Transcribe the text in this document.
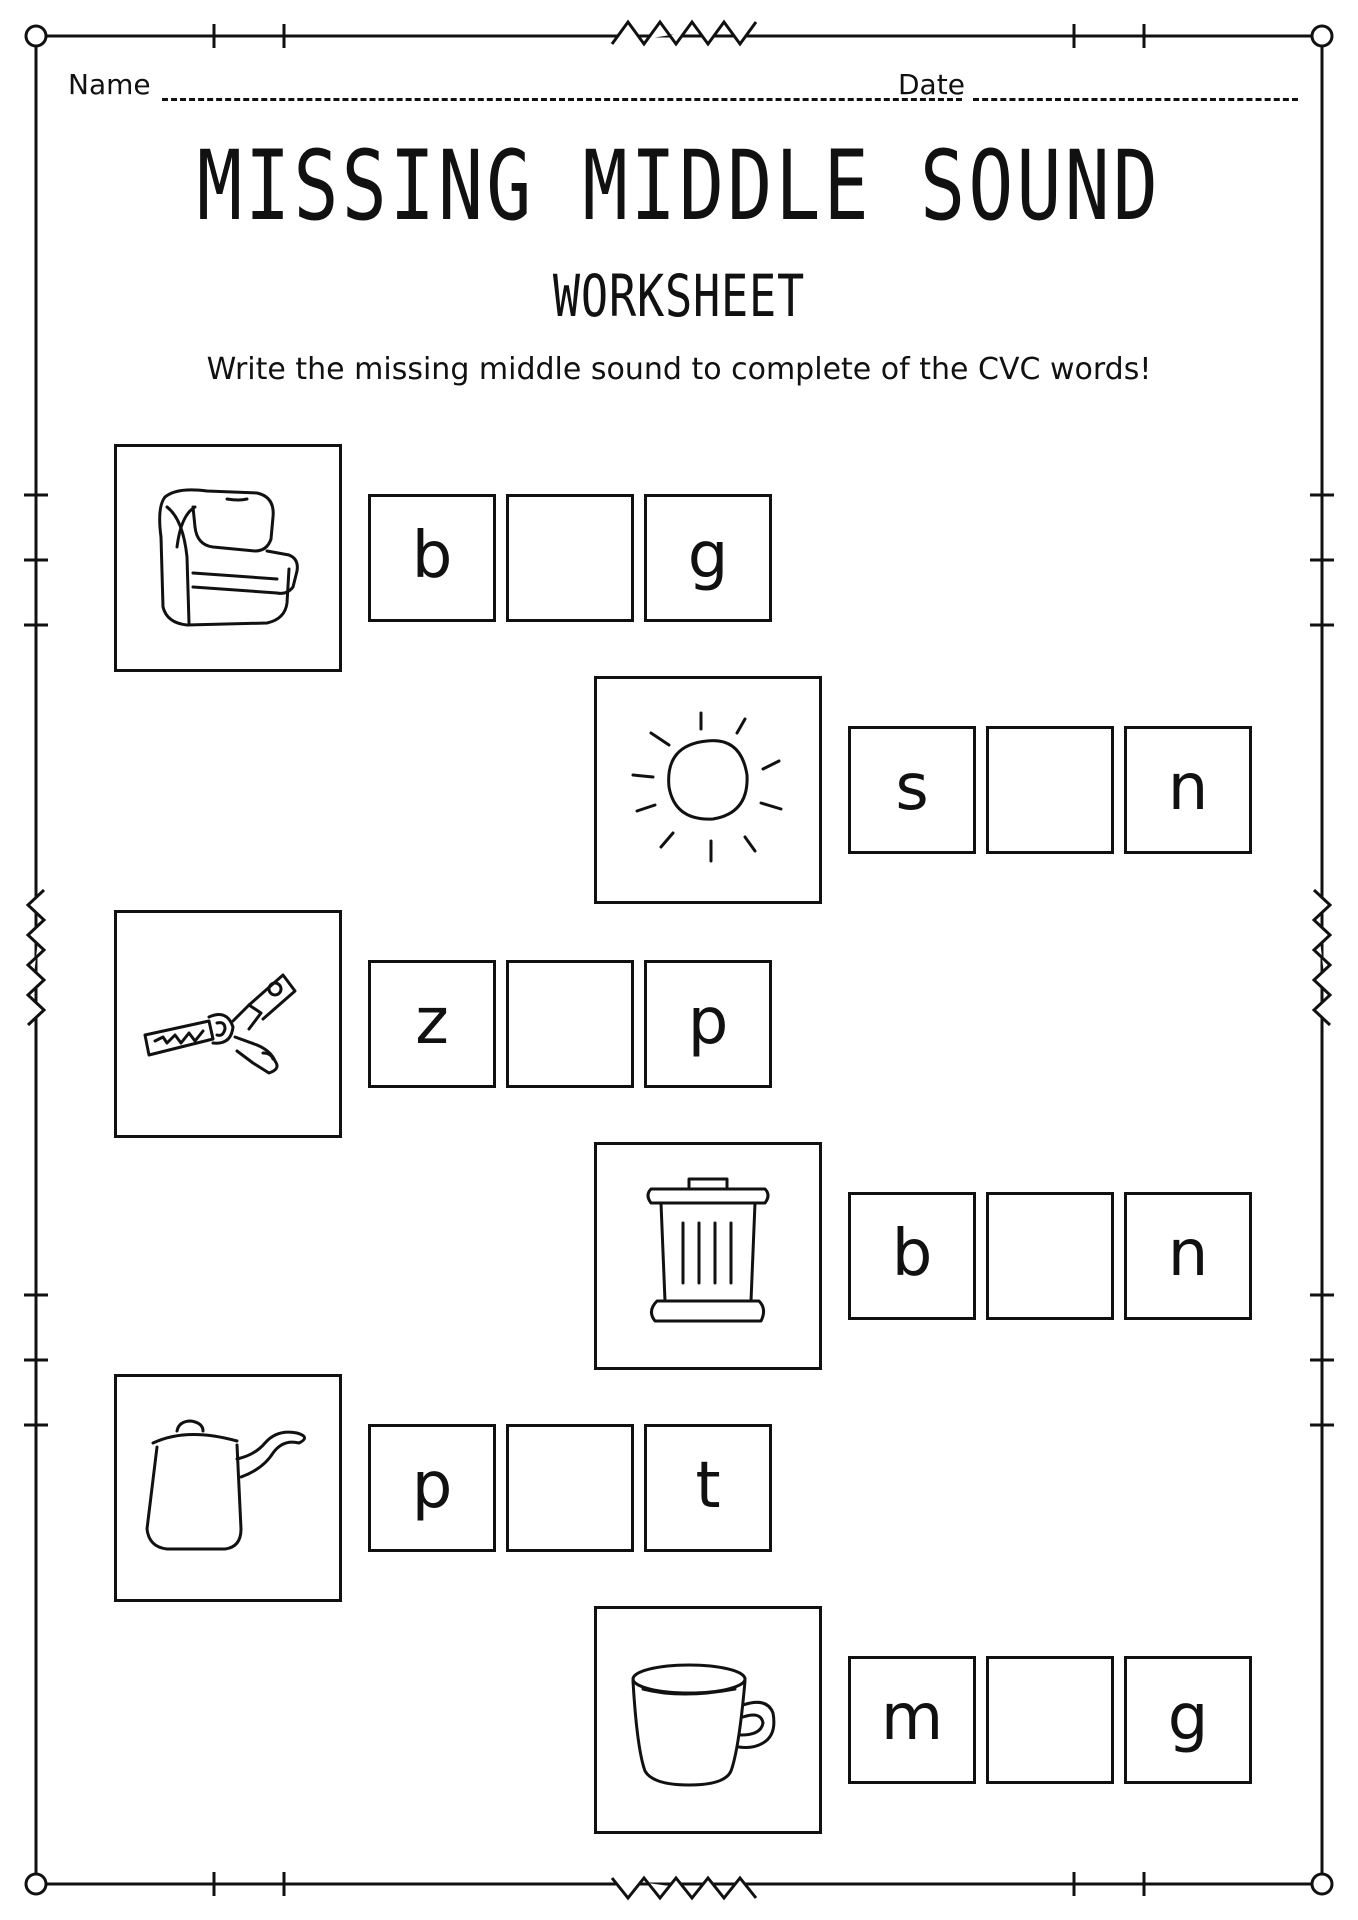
Name	Date
MISSING MIDDLE SOUND
WORKSHEET
Write the missing middle sound to complete of the CVC words!
b	g
s	n
z	p
b	n
p	t
m	g
